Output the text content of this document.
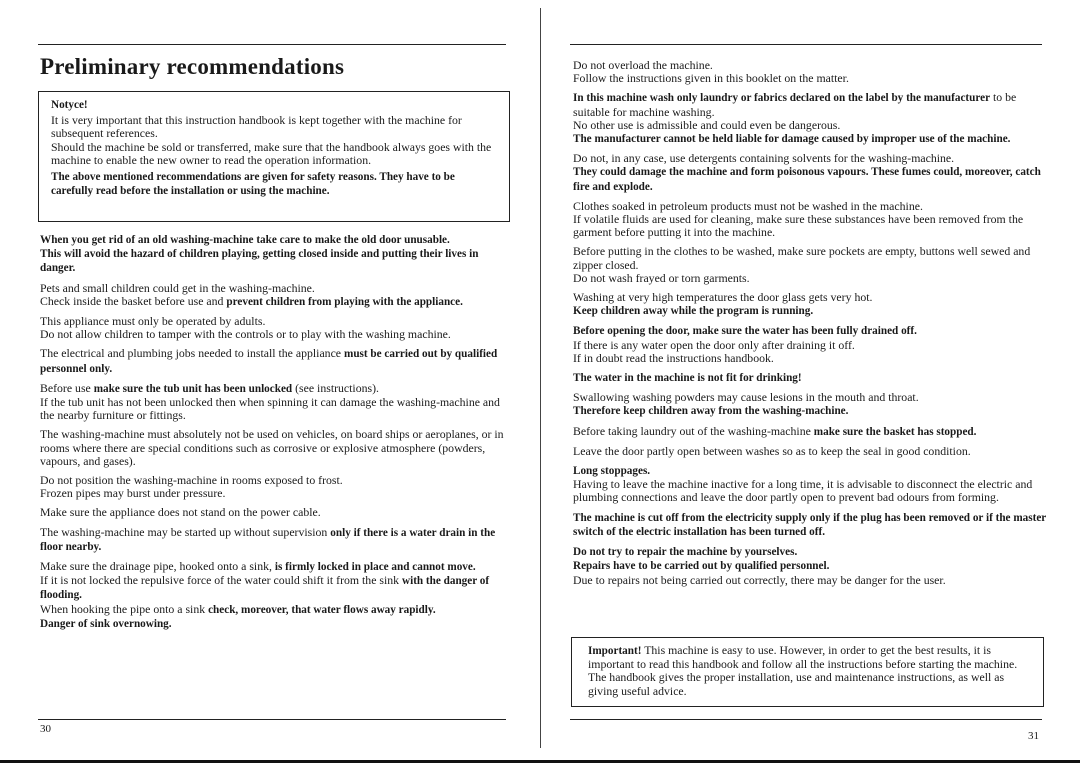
Preliminary recommendations

Notyce!

It is very important that this instruction handbook is kept together with the machine for subsequent references.

Should the machine be sold or transferred, make sure that the handbook always goes with the machine to enable the new owner to read the operation information.

The above mentioned recommendations are given for safety reasons. They have to be carefully read before the installation or using the machine.

When you get rid of an old washing-machine take care to make the old door unusable.
This will avoid the hazard of children playing, getting closed inside and putting their lives in danger.

Pets and small children could get in the washing-machine.
Check inside the basket before use and prevent children from playing with the appliance.

This appliance must only be operated by adults.
Do not allow children to tamper with the controls or to play with the washing machine.

The electrical and plumbing jobs needed to install the appliance must be carried out by qualified personnel only.

Before use make sure the tub unit has been unlocked (see instructions).
If the tub unit has not been unlocked then when spinning it can damage the washing-machine and the nearby furniture or fittings.

The washing-machine must absolutely not be used on vehicles, on board ships or aeroplanes, or in rooms where there are special conditions such as corrosive or explosive atmosphere (powders, vapours, and gases).

Do not position the washing-machine in rooms exposed to frost.
Frozen pipes may burst under pressure.

Make sure the appliance does not stand on the power cable.

The washing-machine may be started up without supervision only if there is a water drain in the floor nearby.

Make sure the drainage pipe, hooked onto a sink, is firmly locked in place and cannot move.
If it is not locked the repulsive force of the water could shift it from the sink with the danger of flooding.
When hooking the pipe onto a sink check, moreover, that water flows away rapidly.
Danger of sink overnowing.

30

Do not overload the machine.
Follow the instructions given in this booklet on the matter.

In this machine wash only laundry or fabrics declared on the label by the manufacturer to be suitable for machine washing.
No other use is admissible and could even be dangerous.
The manufacturer cannot be held liable for damage caused by improper use of the machine.

Do not, in any case, use detergents containing solvents for the washing-machine.
They could damage the machine and form poisonous vapours. These fumes could, moreover, catch fire and explode.

Clothes soaked in petroleum products must not be washed in the machine.
If volatile fluids are used for cleaning, make sure these substances have been removed from the garment before putting it into the machine.

Before putting in the clothes to be washed, make sure pockets are empty, buttons well sewed and zipper closed.
Do not wash frayed or torn garments.

Washing at very high temperatures the door glass gets very hot.
Keep children away while the program is running.

Before opening the door, make sure the water has been fully drained off.
If there is any water open the door only after draining it off.
If in doubt read the instructions handbook.

The water in the machine is not fit for drinking!

Swallowing washing powders may cause lesions in the mouth and throat.
Therefore keep children away from the washing-machine.

Before taking laundry out of the washing-machine make sure the basket has stopped.

Leave the door partly open between washes so as to keep the seal in good condition.

Long stoppages.
Having to leave the machine inactive for a long time, it is advisable to disconnect the electric and plumbing connections and leave the door partly open to prevent bad odours from forming.

The machine is cut off from the electricity supply only if the plug has been removed or if the master switch of the electric installation has been turned off.

Do not try to repair the machine by yourselves.
Repairs have to be carried out by qualified personnel.
Due to repairs not being carried out correctly, there may be danger for the user.

Important! This machine is easy to use. However, in order to get the best results, it is important to read this handbook and follow all the instructions before starting the machine. The handbook gives the proper installation, use and maintenance instructions, as well as giving useful advice.

31
